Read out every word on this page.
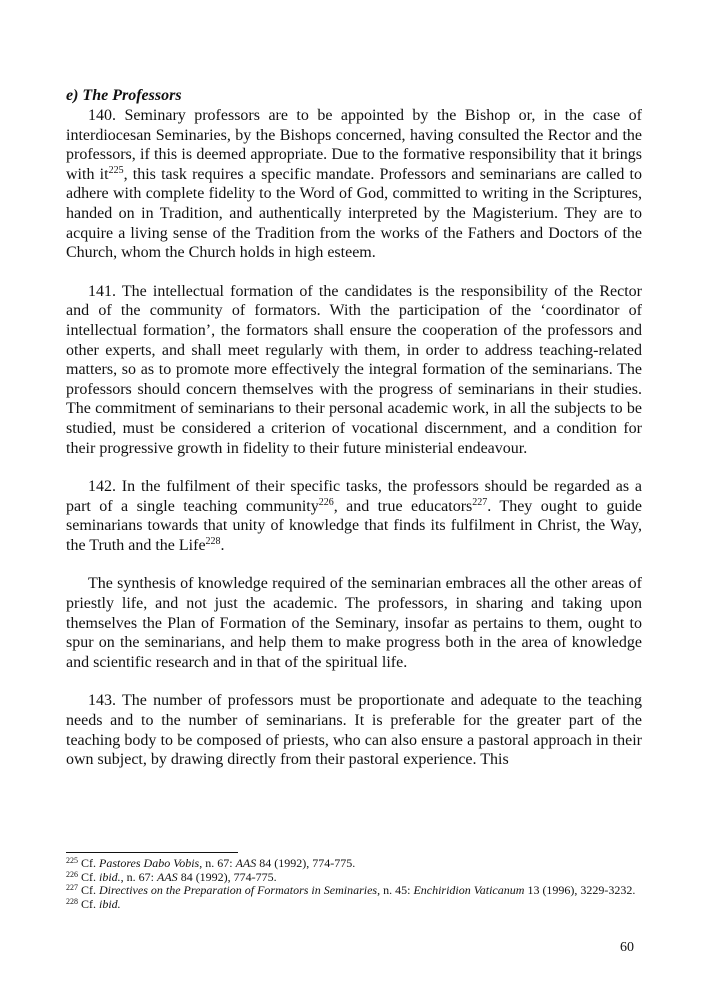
e) The Professors

140. Seminary professors are to be appointed by the Bishop or, in the case of interdiocesan Seminaries, by the Bishops concerned, having consulted the Rector and the professors, if this is deemed appropriate. Due to the formative responsibility that it brings with $it^{225}$, this task requires a specific mandate. Professors and seminarians are called to adhere with complete fidelity to the Word of God, committed to writing in the Scriptures, handed on in Tradition, and authentically interpreted by the Magisterium. They are to acquire a living sense of the Tradition from the works of the Fathers and Doctors of the Church, whom the Church holds in high esteem.

141. The intellectual formation of the candidates is the responsibility of the Rector and of the community of formators. With the participation of the ‘coordinator of intellectual formation’, the formators shall ensure the cooperation of the professors and other experts, and shall meet regularly with them, in order to address teaching-related matters, so as to promote more effectively the integral formation of the seminarians. The professors should concern themselves with the progress of seminarians in their studies. The commitment of seminarians to their personal academic work, in all the subjects to be studied, must be considered a criterion of vocational discernment, and a condition for their progressive growth in fidelity to their future ministerial endeavour.

142. In the fulfilment of their specific tasks, the professors should be regarded as a part of a single teaching community$^{226}$, and true educators$^{227}$. They ought to guide seminarians towards that unity of knowledge that finds its fulfilment in Christ, the Way, the Truth and the Life$^{228}$.

The synthesis of knowledge required of the seminarian embraces all the other areas of priestly life, and not just the academic. The professors, in sharing and taking upon themselves the Plan of Formation of the Seminary, insofar as pertains to them, ought to spur on the seminarians, and help them to make progress both in the area of knowledge and scientific research and in that of the spiritual life.

143. The number of professors must be proportionate and adequate to the teaching needs and to the number of seminarians. It is preferable for the greater part of the teaching body to be composed of priests, who can also ensure a pastoral approach in their own subject, by drawing directly from their pastoral experience. This

$^{225}$ Cf. Pastores Dabo Vobis, n. 67: AAS 84 (1992), 774-775.

$^{226}$ Cf. ibid., n. 67: AAS 84 (1992), 774-775.

$^{227}$ Cf. Directives on the Preparation of Formators in Seminaries, n. 45: Enchiridion Vaticanum 13 (1996), 3229-3232.

$^{228}$ Cf. ibid.

60
